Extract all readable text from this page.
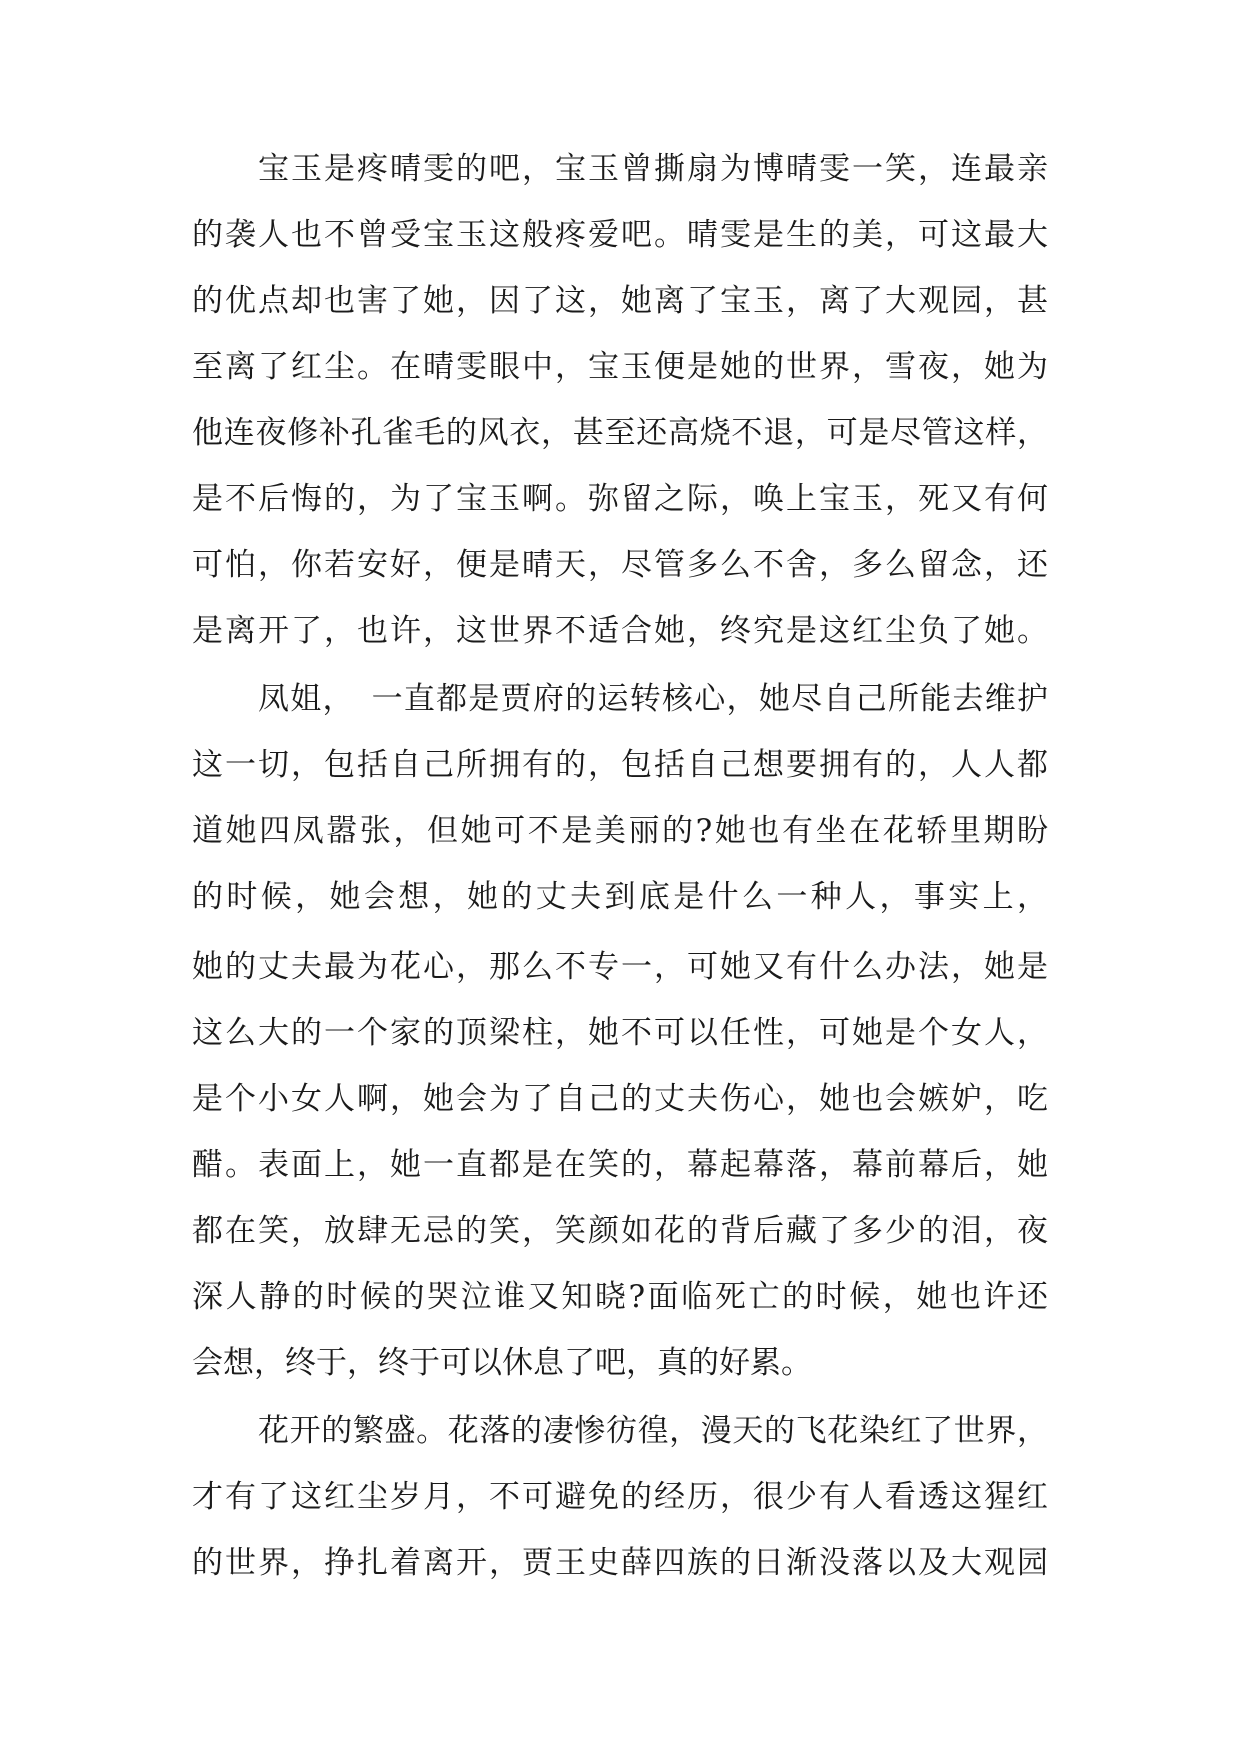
宝玉是疼晴雯的吧，宝玉曾撕扇为博晴雯一笑，连最亲
的袭人也不曾受宝玉这般疼爱吧。晴雯是生的美，可这最大
的优点却也害了她，因了这，她离了宝玉，离了大观园，甚
至离了红尘。在晴雯眼中，宝玉便是她的世界，雪夜，她为
他连夜修补孔雀毛的风衣，甚至还高烧不退，可是尽管这样，
是不后悔的，为了宝玉啊。弥留之际，唤上宝玉，死又有何
可怕，你若安好，便是晴天，尽管多么不舍，多么留念，还
是离开了，也许，这世界不适合她，终究是这红尘负了她。
凤姐，　一直都是贾府的运转核心，她尽自己所能去维护
这一切，包括自己所拥有的，包括自己想要拥有的，人人都
道她四凤嚣张，但她可不是美丽的?她也有坐在花轿里期盼
的时候，她会想，她的丈夫到底是什么一种人，事实上，
她的丈夫最为花心，那么不专一，可她又有什么办法，她是
这么大的一个家的顶梁柱，她不可以任性，可她是个女人，
是个小女人啊，她会为了自己的丈夫伤心，她也会嫉妒，吃
醋。表面上，她一直都是在笑的，幕起幕落，幕前幕后，她
都在笑，放肆无忌的笑，笑颜如花的背后藏了多少的泪，夜
深人静的时候的哭泣谁又知晓?面临死亡的时候，她也许还
会想，终于，终于可以休息了吧，真的好累。
花开的繁盛。花落的凄惨彷徨，漫天的飞花染红了世界，
才有了这红尘岁月，不可避免的经历，很少有人看透这猩红
的世界，挣扎着离开，贾王史薛四族的日渐没落以及大观园
